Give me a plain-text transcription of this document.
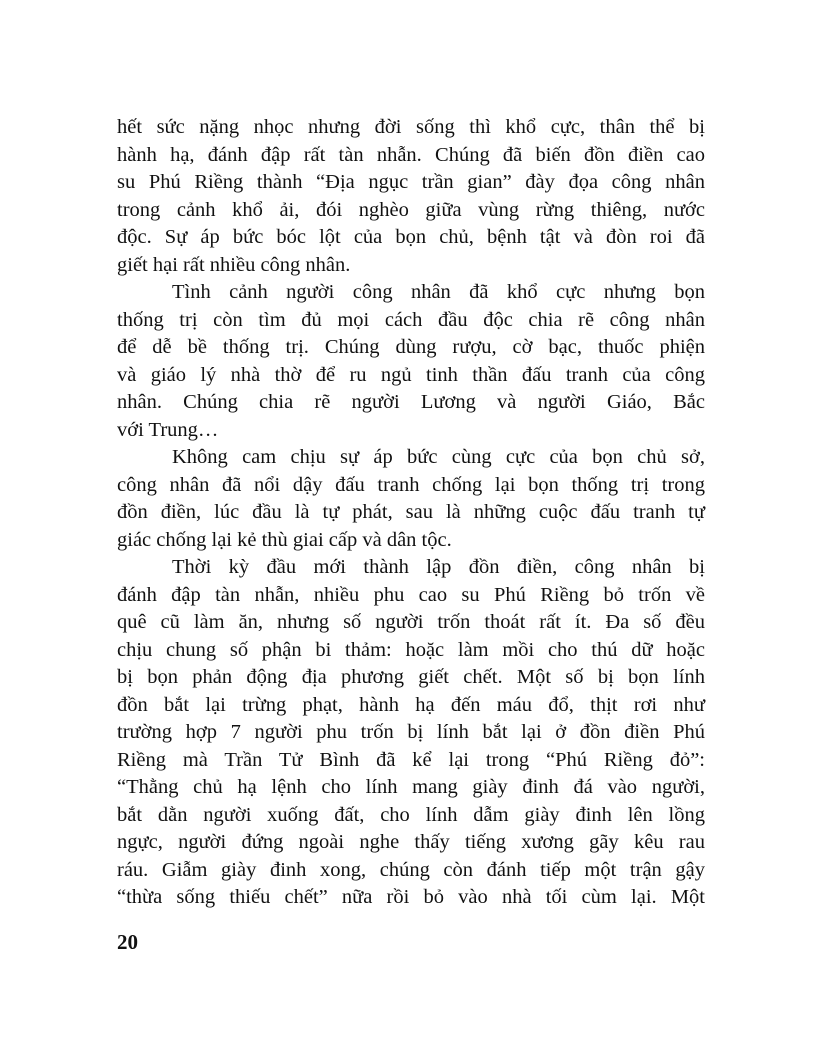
hết sức nặng nhọc nhưng đời sống thì khổ cực, thân thể bị
hành hạ, đánh đập rất tàn nhẫn. Chúng đã biến đồn điền cao
su Phú Riềng thành “Địa ngục trần gian” đày đọa công nhân
trong cảnh khổ ải, đói nghèo giữa vùng rừng thiêng, nước
độc. Sự áp bức bóc lột của bọn chủ, bệnh tật và đòn roi đã
giết hại rất nhiều công nhân.
Tình cảnh người công nhân đã khổ cực nhưng bọn
thống trị còn tìm đủ mọi cách đầu độc chia rẽ công nhân
để dễ bề thống trị. Chúng dùng rượu, cờ bạc, thuốc phiện
và giáo lý nhà thờ để ru ngủ tinh thần đấu tranh của công
nhân. Chúng chia rẽ người Lương và người Giáo, Bắc
với Trung…
Không cam chịu sự áp bức cùng cực của bọn chủ sở,
công nhân đã nổi dậy đấu tranh chống lại bọn thống trị trong
đồn điền, lúc đầu là tự phát, sau là những cuộc đấu tranh tự
giác chống lại kẻ thù giai cấp và dân tộc.
Thời kỳ đầu mới thành lập đồn điền, công nhân bị
đánh đập tàn nhẫn, nhiều phu cao su Phú Riềng bỏ trốn về
quê cũ làm ăn, nhưng số người trốn thoát rất ít. Đa số đều
chịu chung số phận bi thảm: hoặc làm mồi cho thú dữ hoặc
bị bọn phản động địa phương giết chết. Một số bị bọn lính
đồn bắt lại trừng phạt, hành hạ đến máu đổ, thịt rơi như
trường hợp 7 người phu trốn bị lính bắt lại ở đồn điền Phú
Riềng mà Trần Tử Bình đã kể lại trong “Phú Riềng đỏ”:
“Thằng chủ hạ lệnh cho lính mang giày đinh đá vào người,
bắt dằn người xuống đất, cho lính dẫm giày đinh lên lồng
ngực, người đứng ngoài nghe thấy tiếng xương gãy kêu rau
ráu. Giẫm giày đinh xong, chúng còn đánh tiếp một trận gậy
“thừa sống thiếu chết” nữa rồi bỏ vào nhà tối cùm lại. Một
20
